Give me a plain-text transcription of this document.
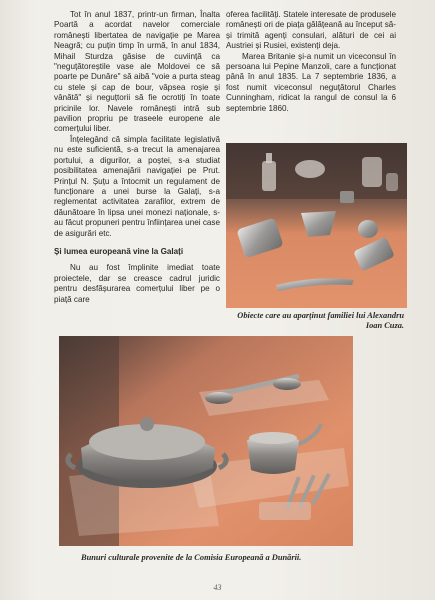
Tot în anul 1837, printr-un firman, Înalta Poartă a acordat navelor comerciale românești libertatea de navigație pe Marea Neagră; cu puțin timp în urmă, în anul 1834, Mihail Sturdza găsise de cuviință ca "neguțătoreștile vase ale Moldovei ce să poarte pe Dunăre" să aibă "voie a purta steag cu stele și cap de bour, văpsea roșie și vânătă" și neguțtorii să fie ocrotiți în toate pricinile lor. Navele românești intră sub pavilion propriu pe traseele europene ale comerțului liber.

Înțelegând că simpla facilitate legislativă nu este suficientă, s-a trecut la amenajarea portului, a digurilor, a poștei, s-a studiat posibilitatea amenajării navigației pe Prut. Prințul N. Șuțu a întocmit un regulament de funcționare a unei burse la Galați, s-a reglementat activitatea zarafilor, extrem de dăunătoare în lipsa unei monezi naționale, s-au făcut propuneri pentru înființarea unei case de asigurări etc.

Și lumea europeană vine la Galați

Nu au fost împlinite imediat toate proiectele, dar se creasce cadrul juridic pentru desfășurarea comerțului liber pe o piață care

oferea facilități. Statele interesate de produsele românești ori de piața gălățeană au început să-și trimită agenți consulari, alături de cei ai Austriei și Rusiei, existenți deja.

Marea Britanie și-a numit un viceconsul în persoana lui Pepine Manzoli, care a funcționat până în anul 1835. La 7 septembrie 1836, a fost numit viceconsul neguțătorul Charles Cunningham, ridicat la rangul de consul la 6 septembrie 1860.

Obiecte care au aparținut familiei lui Alexandru Ioan Cuza.
Bunuri culturale provenite de la Comisia Europeană a Dunării.
43
